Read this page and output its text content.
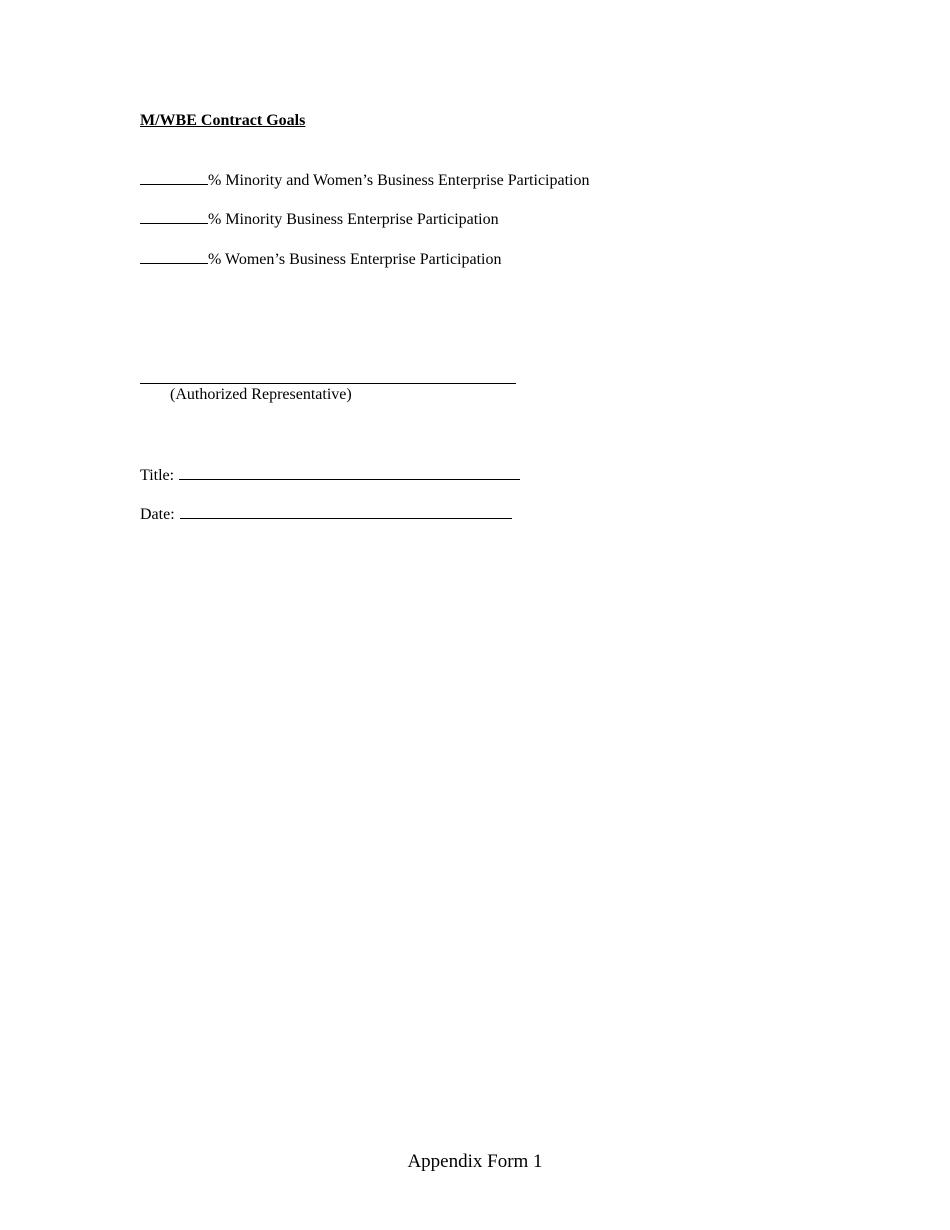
M/WBE Contract Goals
% Minority and Women’s Business Enterprise Participation
% Minority Business Enterprise Participation
% Women’s Business Enterprise Participation
(Authorized Representative)
Title:
Date:
Appendix Form 1
